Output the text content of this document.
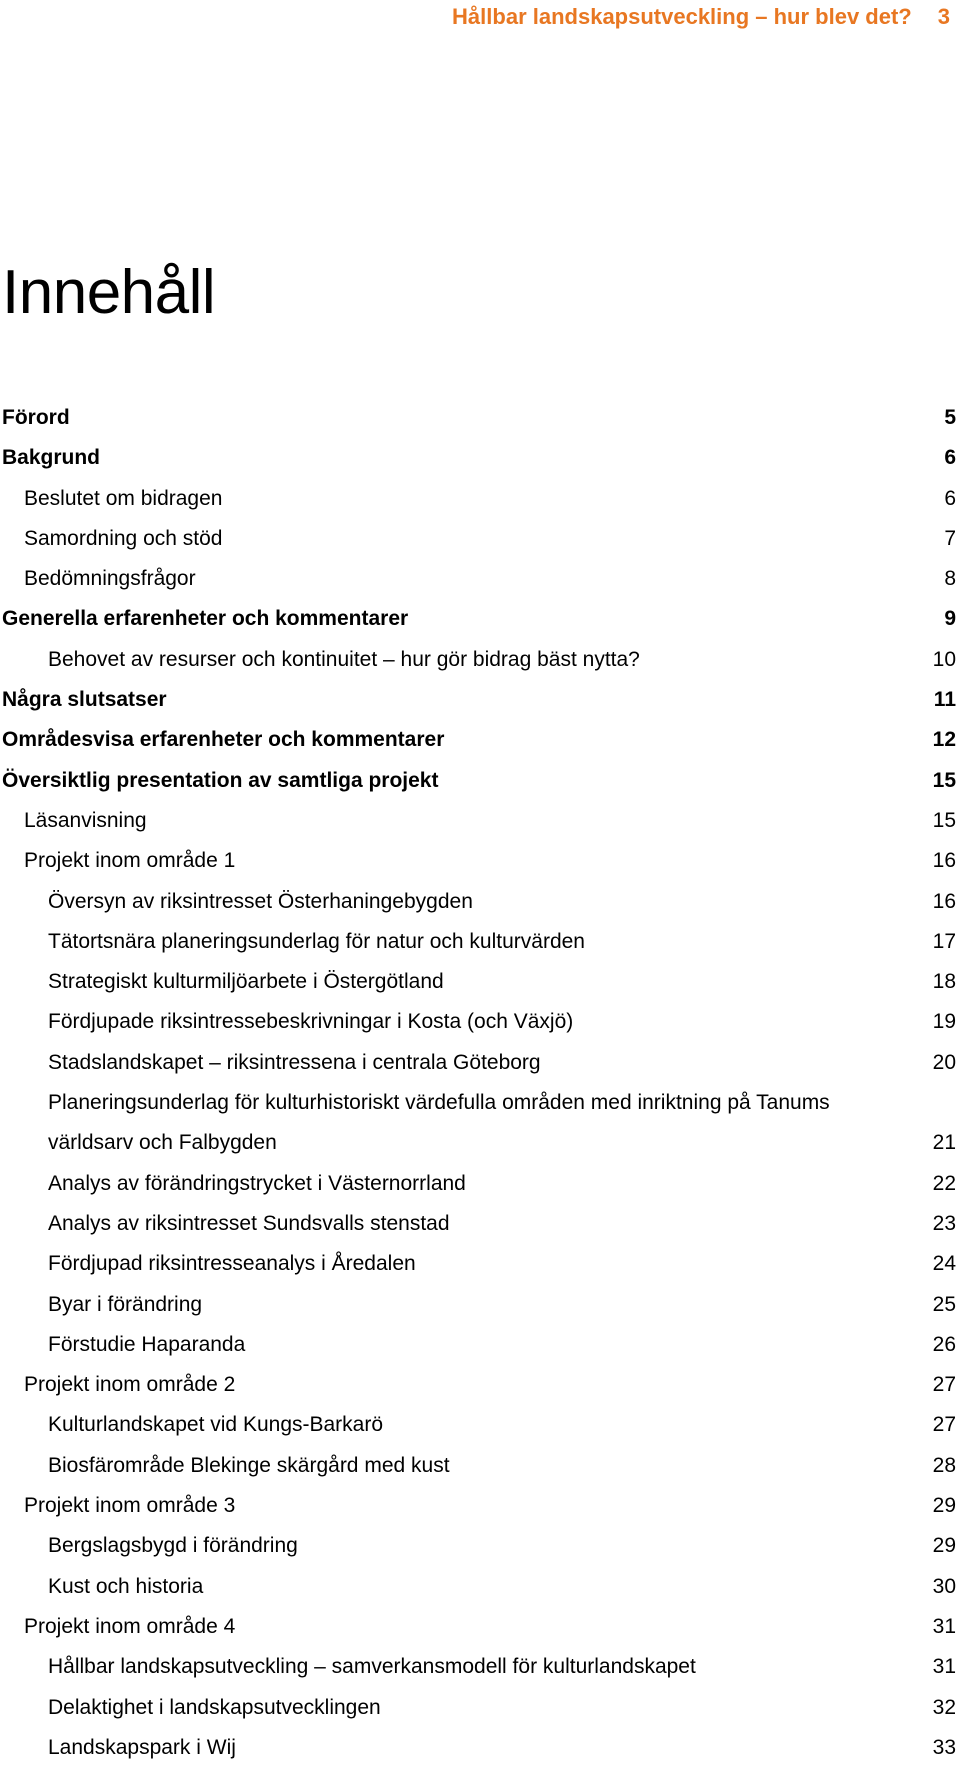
Hållbar landskapsutveckling – hur blev det? 3
Innehåll
Förord	5
Bakgrund	6
Beslutet om bidragen	6
Samordning och stöd	7
Bedömningsfrågor	8
Generella erfarenheter och kommentarer	9
Behovet av resurser och kontinuitet – hur gör bidrag bäst nytta?	10
Några slutsatser	11
Områdesvisa erfarenheter och kommentarer	12
Översiktlig presentation av samtliga projekt	15
Läsanvisning	15
Projekt inom område 1	16
Översyn av riksintresset Österhaningebygden	16
Tätortsnära planeringsunderlag för natur och kulturvärden	17
Strategiskt kulturmiljöarbete i Östergötland	18
Fördjupade riksintressebeskrivningar i Kosta (och Växjö)	19
Stadslandskapet – riksintressena i centrala Göteborg	20
Planeringsunderlag för kulturhistoriskt värdefulla områden med inriktning på Tanums
världsarv och Falbygden	21
Analys av förändringstrycket i Västernorrland	22
Analys av riksintresset Sundsvalls stenstad	23
Fördjupad riksintresseanalys i Åredalen	24
Byar i förändring	25
Förstudie Haparanda	26
Projekt inom område 2	27
Kulturlandskapet vid Kungs-Barkarö	27
Biosfärområde Blekinge skärgård med kust	28
Projekt inom område 3	29
Bergslagsbygd i förändring	29
Kust och historia	30
Projekt inom område 4	31
Hållbar landskapsutveckling – samverkansmodell för kulturlandskapet	31
Delaktighet i landskapsutvecklingen	32
Landskapspark i Wij	33
